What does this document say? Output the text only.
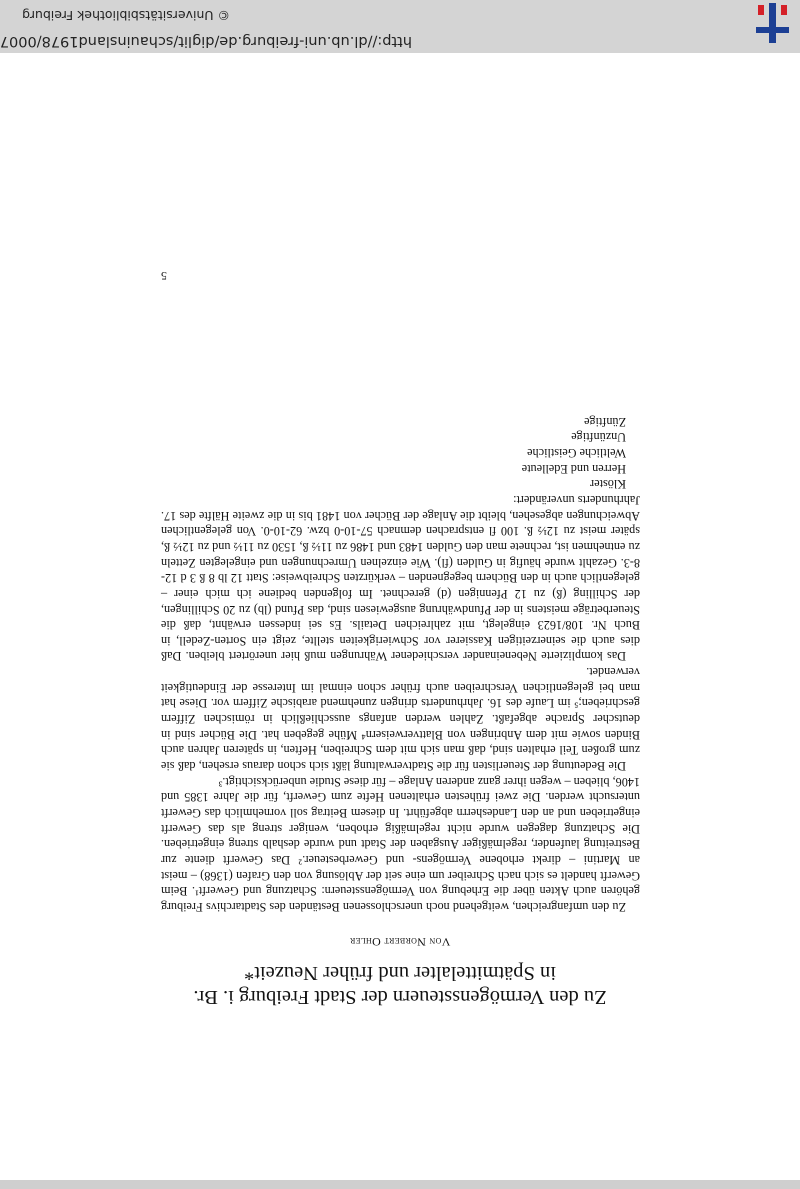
http://dl.ub.uni-freiburg.de/diglit/schauinsland1978/0007
© Universitätsbibliothek Freiburg
Zu den Vermögenssteuern der Stadt Freiburg i. Br.
in Spätmittelalter und früher Neuzeit*
Von Norbert Ohler

Zu den umfangreichen, weitgehend noch unerschlossenen Beständen des Stadtarchivs Freiburg gehören auch Akten über die Erhebung von Vermögenssteuern: Schatzung und Gewerft¹. Beim Gewerft handelt es sich nach Schreiber um eine seit der Ablösung von den Grafen (1368) – meist an Martini – direkt erhobene Vermögens- und Gewerbesteuer.² Das Gewerft diente zur Bestreitung laufender, regelmäßiger Ausgaben der Stadt und wurde deshalb streng eingetrieben. Die Schatzung dagegen wurde nicht regelmäßig erhoben, weniger streng als das Gewerft eingetrieben und an den Landesherrn abgeführt. In diesem Beitrag soll vornehmlich das Gewerft untersucht werden. Die zwei frühesten erhaltenen Hefte zum Gewerft, für die Jahre 1385 und 1406, blieben – wegen ihrer ganz anderen Anlage – für diese Studie unberücksichtigt.³

Die Bedeutung der Steuerlisten für die Stadtverwaltung läßt sich schon daraus ersehen, daß sie zum großen Teil erhalten sind, daß man sich mit dem Schreiben, Heften, in späteren Jahren auch Binden sowie mit dem Anbringen von Blattverweisern⁴ Mühe gegeben hat. Die Bücher sind in deutscher Sprache abgefaßt. Zahlen werden anfangs ausschließlich in römischen Ziffern geschrieben;⁵ im Laufe des 16. Jahrhunderts dringen zunehmend arabische Ziffern vor. Diese hat man bei gelegentlichen Verschreiben auch früher schon einmal im Interesse der Eindeutigkeit verwendet.

Das komplizierte Nebeneinander verschiedener Währungen muß hier unerörtert bleiben. Daß dies auch die seinerzeitigen Kassierer vor Schwierigkeiten stellte, zeigt ein Sorten-Zedell, in Buch Nr. 108/1623 eingelegt, mit zahlreichen Details. Es sei indessen erwähnt, daß die Steuerbeträge meistens in der Pfundwährung ausgewiesen sind, das Pfund (lb) zu 20 Schillingen, der Schilling (ß) zu 12 Pfennigen (d) gerechnet. Im folgenden bediene ich mich einer – gelegentlich auch in den Büchern begegnenden – verkürzten Schreibweise: Statt 12 lb 8 ß 3 d 12-8-3. Gezahlt wurde häufig in Gulden (fl). Wie einzelnen Umrechnungen und eingelegten Zetteln zu entnehmen ist, rechnete man den Gulden 1483 und 1486 zu 11½ ß, 1530 zu 11½ und zu 12½ ß, später meist zu 12½ ß. 100 fl entsprachen demnach 57-10-0 bzw. 62-10-0. Von gelegentlichen Abweichungen abgesehen, bleibt die Anlage der Bücher von 1481 bis in die zweite Hälfte des 17. Jahrhunderts unverändert:

Klöster
Herren und Edelleute
Weltliche Geistliche
Unzünftige
Zünftige
5
